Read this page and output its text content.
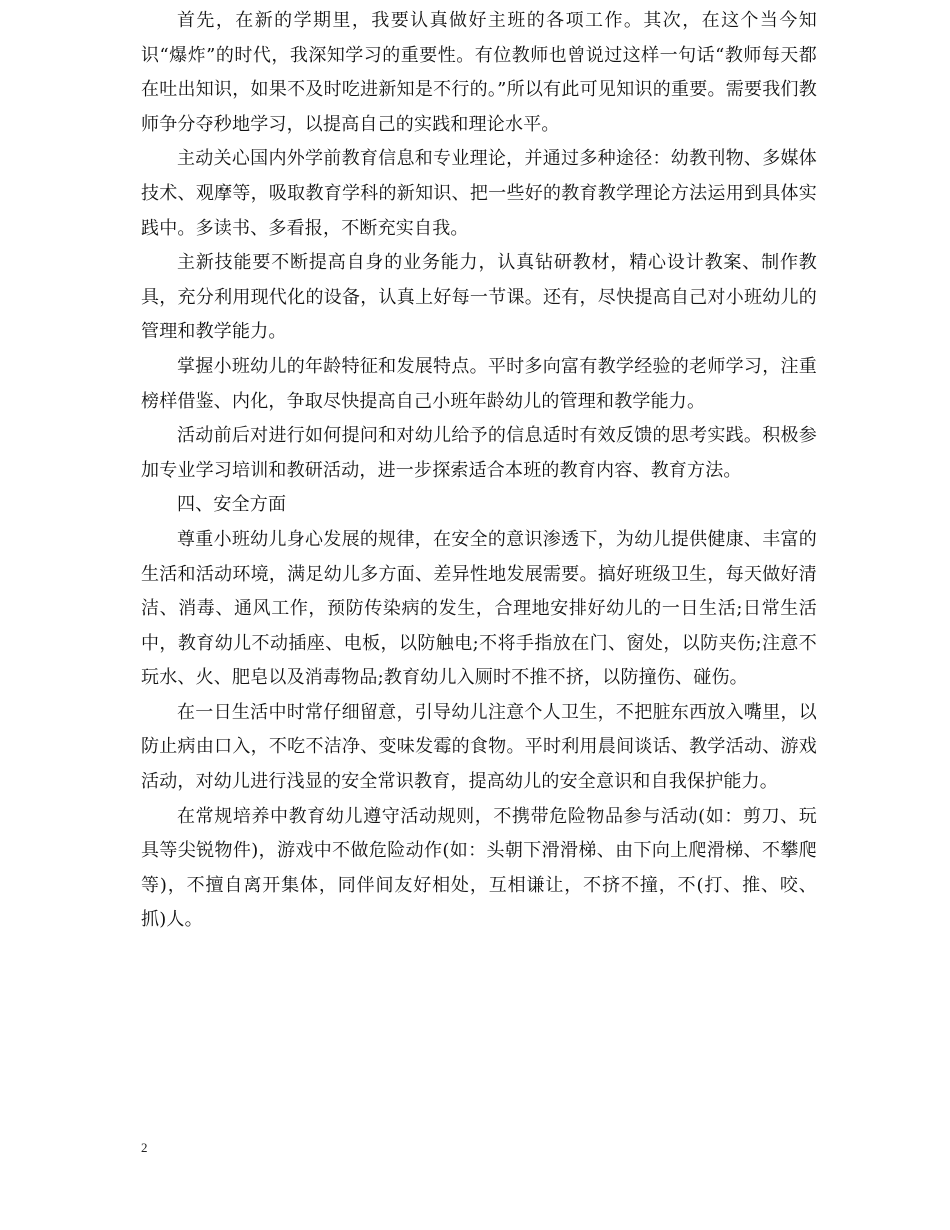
首先，在新的学期里，我要认真做好主班的各项工作。其次，在这个当今知识“爆炸”的时代，我深知学习的重要性。有位教师也曾说过这样一句话“教师每天都在吐出知识，如果不及时吃进新知是不行的。”所以有此可见知识的重要。需要我们教师争分夺秒地学习，以提高自己的实践和理论水平。

主动关心国内外学前教育信息和专业理论，并通过多种途径：幼教刊物、多媒体技术、观摩等，吸取教育学科的新知识、把一些好的教育教学理论方法运用到具体实践中。多读书、多看报，不断充实自我。

主新技能要不断提高自身的业务能力，认真钻研教材，精心设计教案、制作教具，充分利用现代化的设备，认真上好每一节课。还有，尽快提高自己对小班幼儿的管理和教学能力。

掌握小班幼儿的年龄特征和发展特点。平时多向富有教学经验的老师学习，注重榜样借鉴、内化，争取尽快提高自己小班年龄幼儿的管理和教学能力。

活动前后对进行如何提问和对幼儿给予的信息适时有效反馈的思考实践。积极参加专业学习培训和教研活动，进一步探索适合本班的教育内容、教育方法。

四、安全方面

尊重小班幼儿身心发展的规律，在安全的意识渗透下，为幼儿提供健康、丰富的生活和活动环境，满足幼儿多方面、差异性地发展需要。搞好班级卫生，每天做好清洁、消毒、通风工作，预防传染病的发生，合理地安排好幼儿的一日生活;日常生活中，教育幼儿不动插座、电板，以防触电;不将手指放在门、窗处，以防夹伤;注意不玩水、火、肥皂以及消毒物品;教育幼儿入厕时不推不挤，以防撞伤、碰伤。

在一日生活中时常仔细留意，引导幼儿注意个人卫生，不把脏东西放入嘴里，以防止病由口入，不吃不洁净、变味发霉的食物。平时利用晨间谈话、教学活动、游戏活动，对幼儿进行浅显的安全常识教育，提高幼儿的安全意识和自我保护能力。

在常规培养中教育幼儿遵守活动规则，不携带危险物品参与活动(如：剪刀、玩具等尖锐物件)，游戏中不做危险动作(如：头朝下滑滑梯、由下向上爬滑梯、不攀爬等)，不擅自离开集体，同伴间友好相处，互相谦让，不挤不撞，不(打、推、咬、抓)人。

2
